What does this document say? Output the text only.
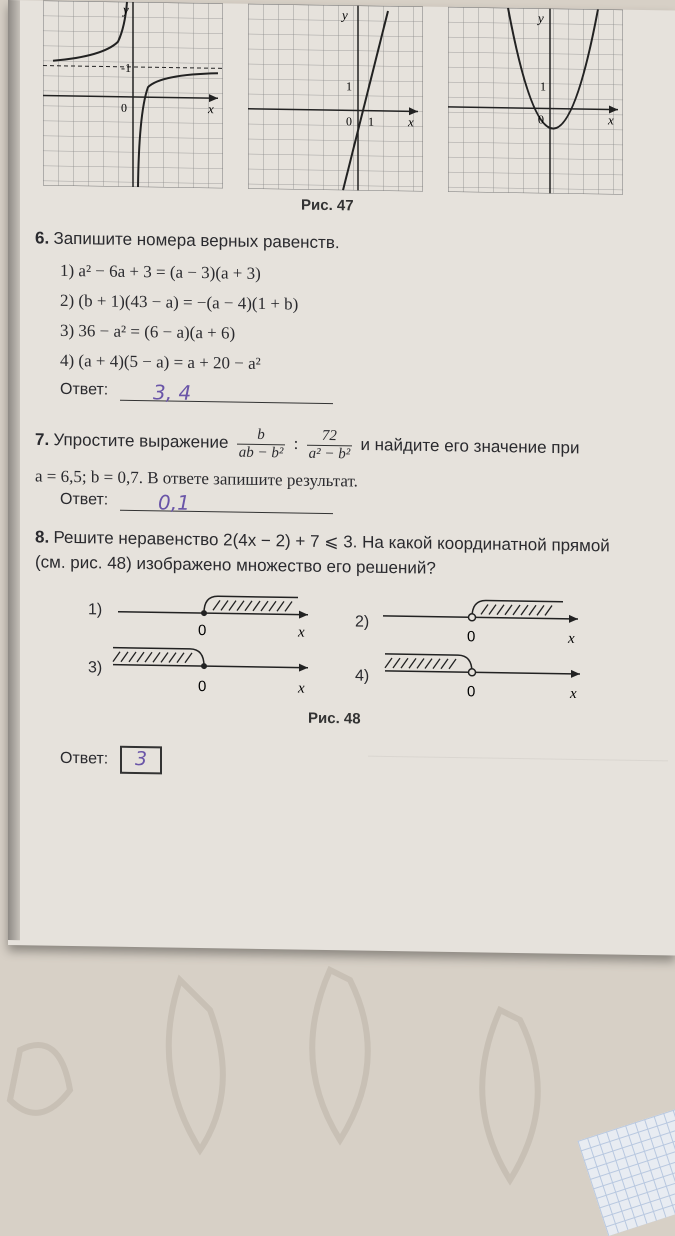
y
x
0
-1
y
x
0 1
1
y
x
0
1
Рис. 47
6. Запишите номера верных равенств.
1) a² − 6a + 3 = (a − 3)(a + 3)
2) (b + 1)(43 − a) = −(a − 4)(1 + b)
3) 36 − a² = (6 − a)(a + 6)
4) (a + 4)(5 − a) = a + 20 − a²
Ответ: 3, 4
7. Упростите выражение $\frac{b}{\text{ab − b²}}$ : $\frac{72}{\text{a² − b²}}$ и найдите его значение при
a = 6,5; b = 0,7. В ответе запишите результат.
Ответ: 0,1
8. Решите неравенство 2(4x − 2) + 7 ⩽ 3. На какой координатной прямой
(см. рис. 48) изображено множество его решений?
1)
0	x
2)
0	x
3)
0	x
4)
0	x
Рис. 48
Ответ:	3
